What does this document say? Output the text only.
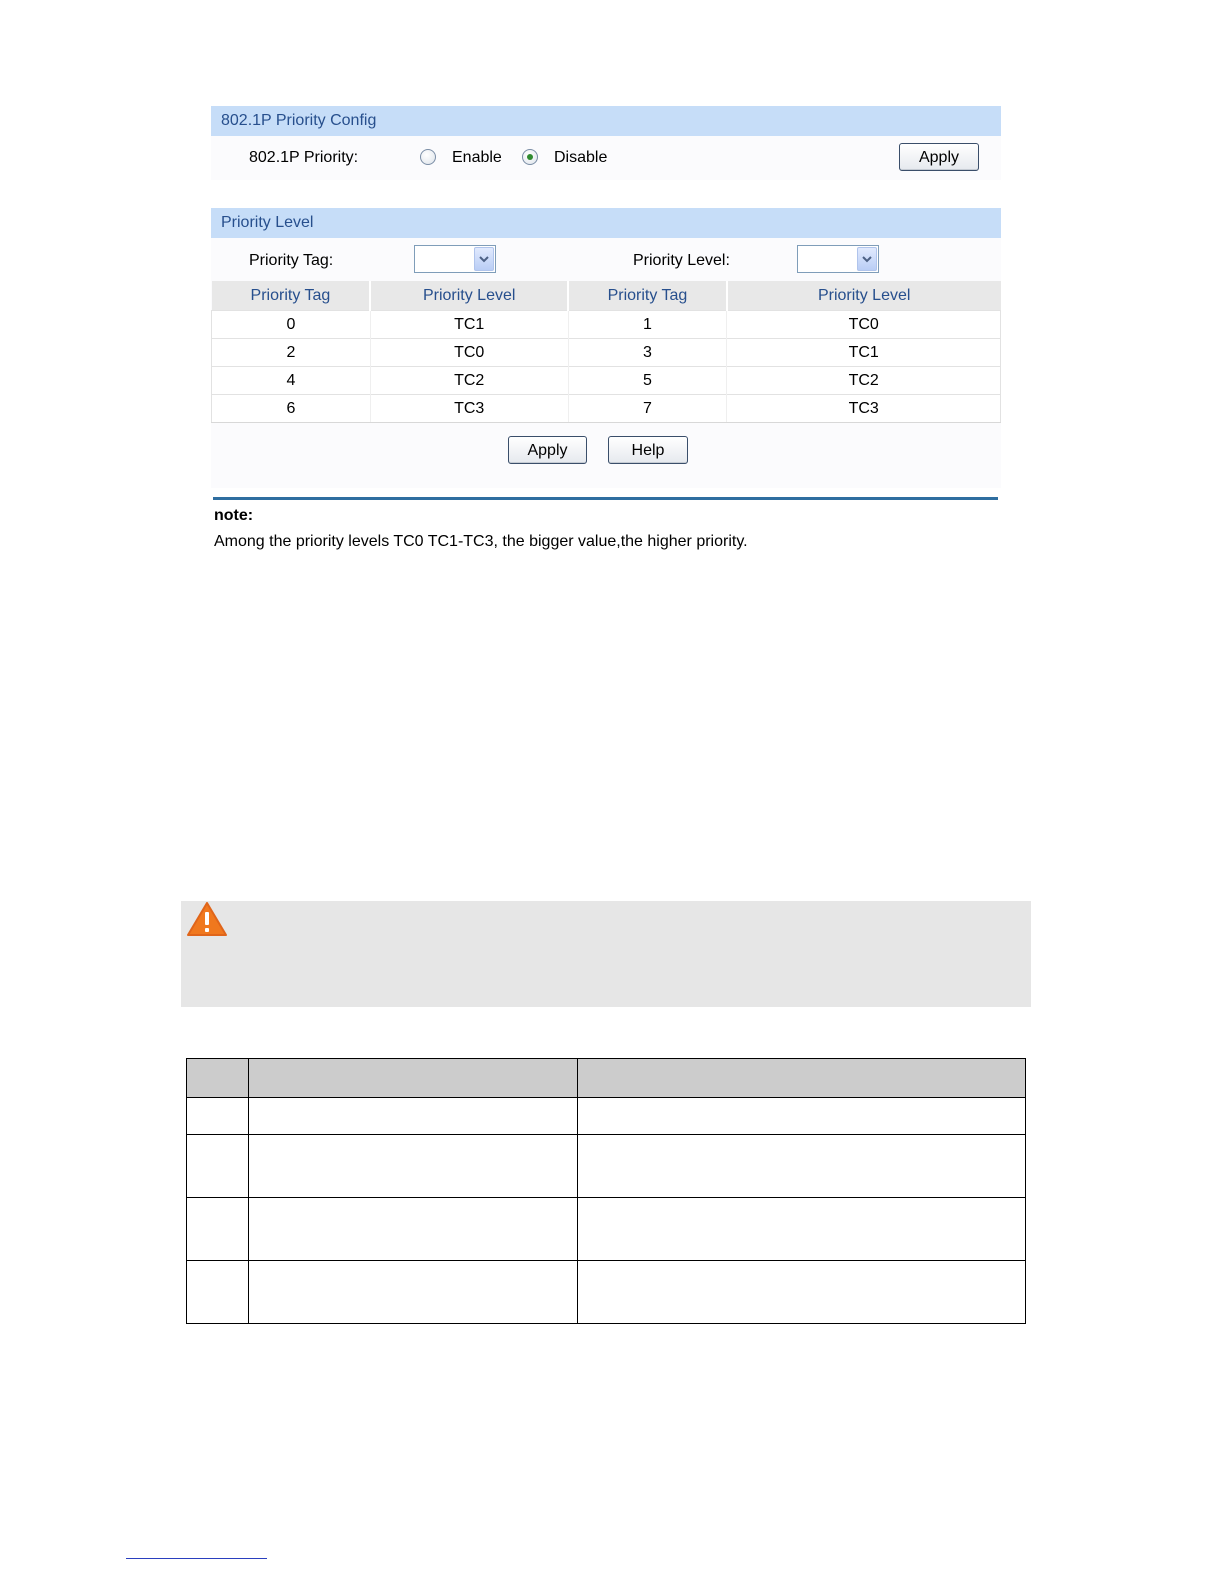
802.1P Priority Config
802.1P Priority:	Enable	Disable	Apply
Priority Level
Priority Tag:	Priority Level:
Priority Tag	Priority Level	Priority Tag	Priority Level
0	TC1	1	TC0
2	TC0	3	TC1
4	TC2	5	TC2
6	TC3	7	TC3
Apply	Help
note:
Among the priority levels TC0 TC1-TC3, the bigger value,the higher priority.
